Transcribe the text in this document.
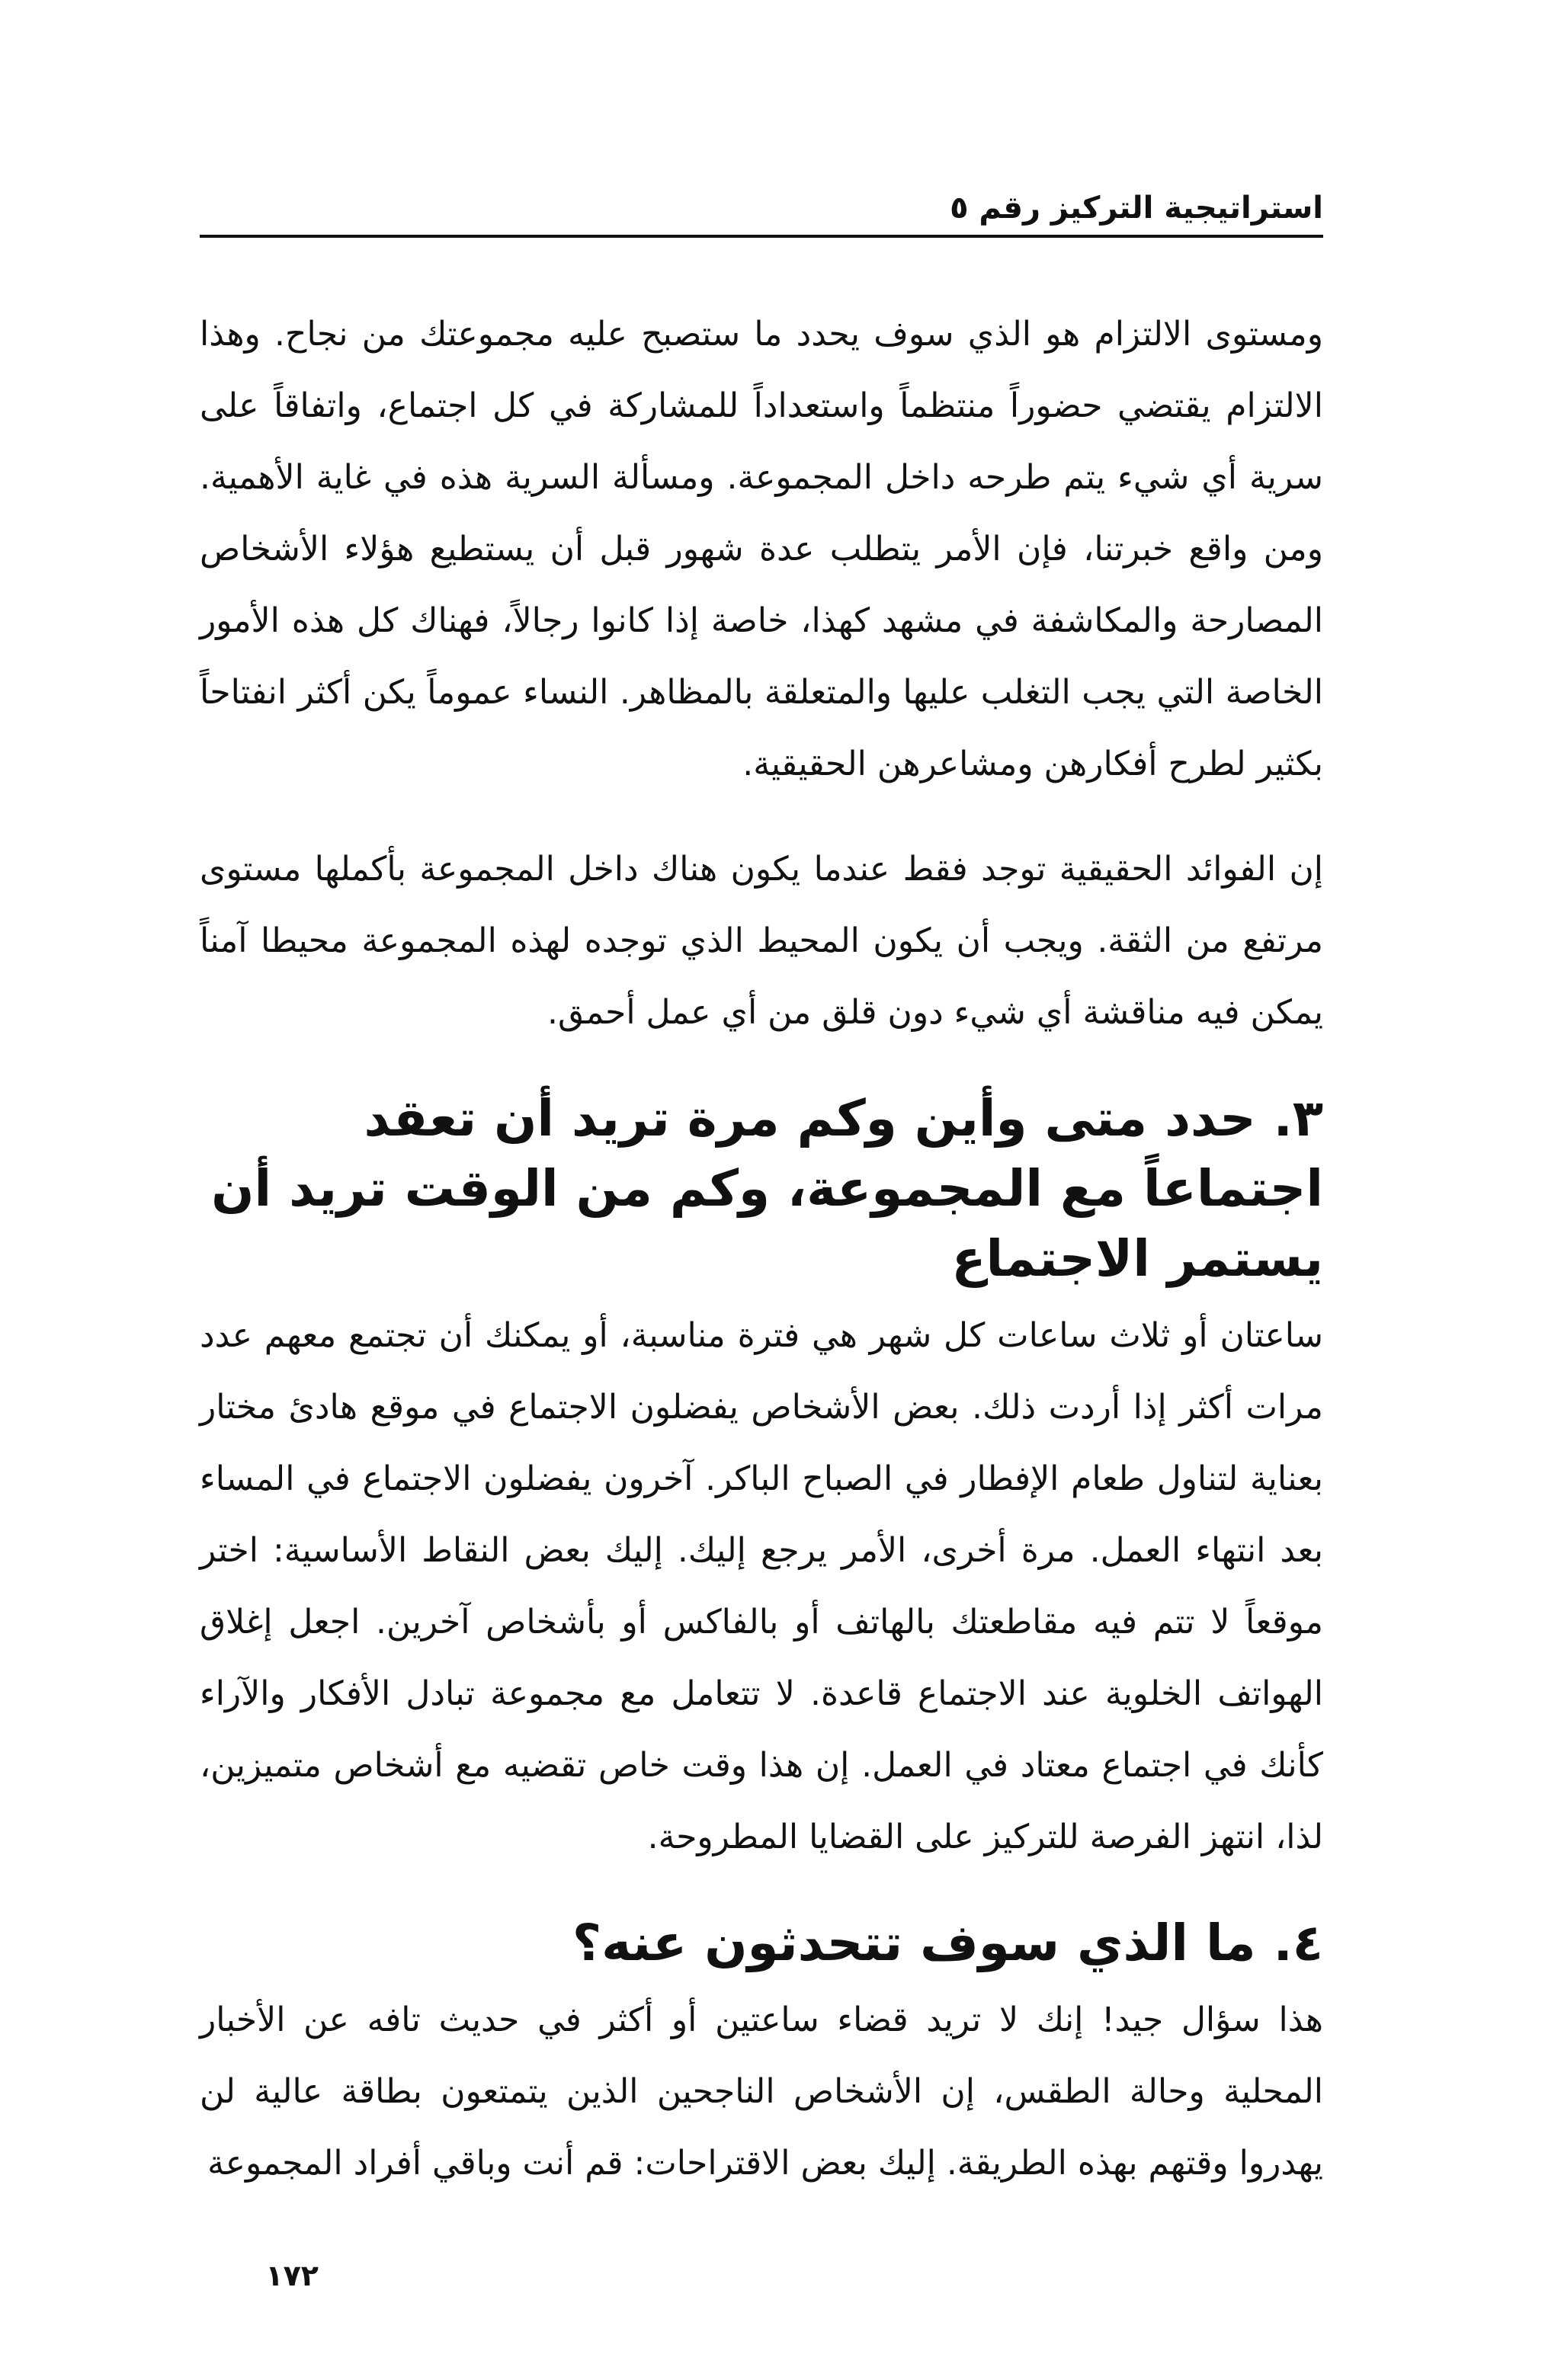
استراتيجية التركيز رقم ٥

ومستوى الالتزام هو الذي سوف يحدد ما ستصبح عليه مجموعتك من نجاح. وهذا الالتزام يقتضي حضوراً منتظماً واستعداداً للمشاركة في كل اجتماع، واتفاقاً على سرية أي شيء يتم طرحه داخل المجموعة. ومسألة السرية هذه في غاية الأهمية. ومن واقع خبرتنا، فإن الأمر يتطلب عدة شهور قبل أن يستطيع هؤلاء الأشخاص المصارحة والمكاشفة في مشهد كهذا، خاصة إذا كانوا رجالاً، فهناك كل هذه الأمور الخاصة التي يجب التغلب عليها والمتعلقة بالمظاهر. النساء عموماً يكن أكثر انفتاحاً بكثير لطرح أفكارهن ومشاعرهن الحقيقية.

إن الفوائد الحقيقية توجد فقط عندما يكون هناك داخل المجموعة بأكملها مستوى مرتفع من الثقة. ويجب أن يكون المحيط الذي توجده لهذه المجموعة محيطا آمناً يمكن فيه مناقشة أي شيء دون قلق من أي عمل أحمق.

٣. حدد متى وأين وكم مرة تريد أن تعقد اجتماعاً مع المجموعة، وكم من الوقت تريد أن يستمر الاجتماع

ساعتان أو ثلاث ساعات كل شهر هي فترة مناسبة، أو يمكنك أن تجتمع معهم عدد مرات أكثر إذا أردت ذلك. بعض الأشخاص يفضلون الاجتماع في موقع هادئ مختار بعناية لتناول طعام الإفطار في الصباح الباكر. آخرون يفضلون الاجتماع في المساء بعد انتهاء العمل. مرة أخرى، الأمر يرجع إليك. إليك بعض النقاط الأساسية: اختر موقعاً لا تتم فيه مقاطعتك بالهاتف أو بالفاكس أو بأشخاص آخرين. اجعل إغلاق الهواتف الخلوية عند الاجتماع قاعدة. لا تتعامل مع مجموعة تبادل الأفكار والآراء كأنك في اجتماع معتاد في العمل. إن هذا وقت خاص تقضيه مع أشخاص متميزين، لذا، انتهز الفرصة للتركيز على القضايا المطروحة.

٤. ما الذي سوف تتحدثون عنه؟

هذا سؤال جيد! إنك لا تريد قضاء ساعتين أو أكثر في حديث تافه عن الأخبار المحلية وحالة الطقس، إن الأشخاص الناجحين الذين يتمتعون بطاقة عالية لن يهدروا وقتهم بهذه الطريقة. إليك بعض الاقتراحات: قم أنت وباقي أفراد المجموعة

١٧٢
